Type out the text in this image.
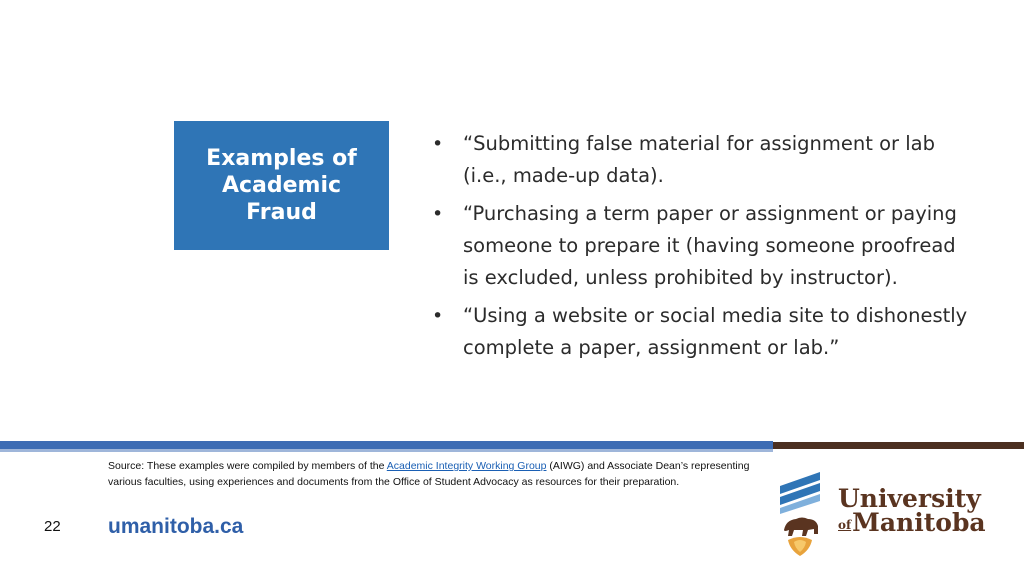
Examples of Academic Fraud
• “Submitting false material for assignment or lab (i.e., made-up data).
• “Purchasing a term paper or assignment or paying someone to prepare it (having someone proofread is excluded, unless prohibited by instructor).
• “Using a website or social media site to dishonestly complete a paper, assignment or lab.”
Source: These examples were compiled by members of the Academic Integrity Working Group (AIWG) and Associate Dean’s representing various faculties, using experiences and documents from the Office of Student Advocacy as resources for their preparation.
22 umanitoba.ca
University
ofManitoba
